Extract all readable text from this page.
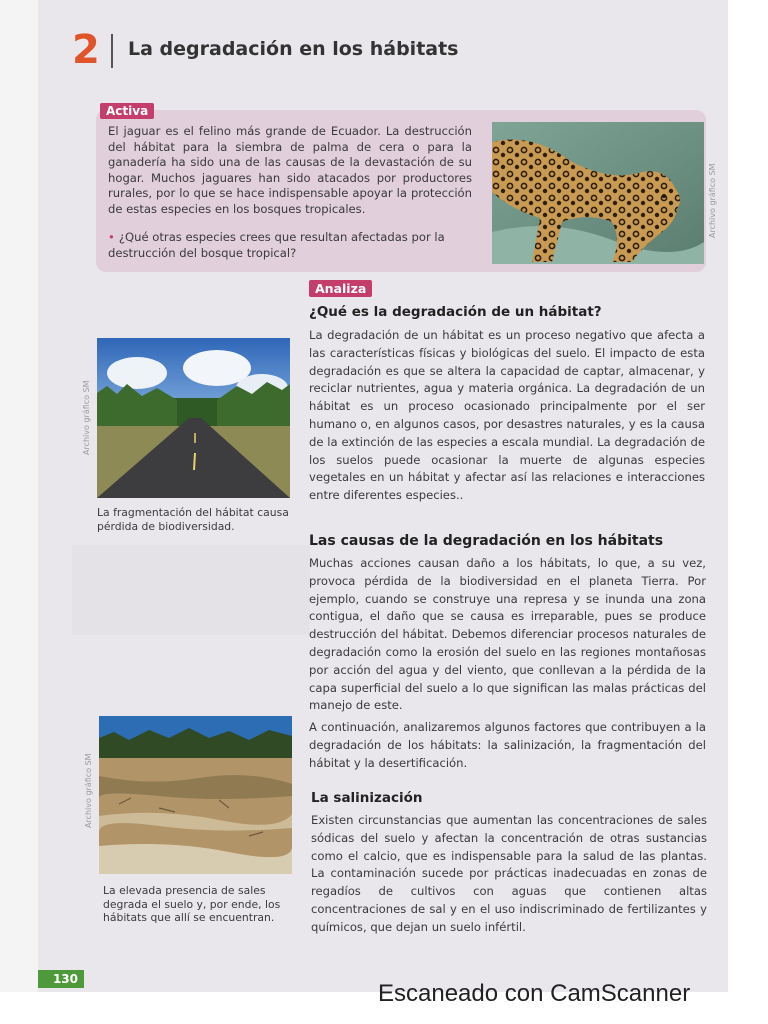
2 La degradación en los hábitats
Activa
El jaguar es el felino más grande de Ecuador. La destrucción del hábitat para la siembra de palma de cera o para la ganadería ha sido una de las causas de la devastación de su hogar. Muchos jaguares han sido atacados por productores rurales, por lo que se hace indispensable apoyar la protección de estas especies en los bosques tropicales.
• ¿Qué otras especies crees que resultan afectadas por la destrucción del bosque tropical?
Archivo gráfico SM
Analiza
¿Qué es la degradación de un hábitat?
La degradación de un hábitat es un proceso negativo que afecta a las características físicas y biológicas del suelo. El impacto de esta degradación es que se altera la capacidad de captar, almacenar, y reciclar nutrientes, agua y materia orgánica. La degradación de un hábitat es un proceso ocasionado principalmente por el ser humano o, en algunos casos, por desastres naturales, y es la causa de la extinción de las especies a escala mundial. La degradación de los suelos puede ocasionar la muerte de algunas especies vegetales en un hábitat y afectar así las relaciones e interacciones entre diferentes especies..
Archivo gráfico SM
La fragmentación del hábitat causa pérdida de biodiversidad.
Las causas de la degradación en los hábitats
Muchas acciones causan daño a los hábitats, lo que, a su vez, provoca pérdida de la biodiversidad en el planeta Tierra. Por ejemplo, cuando se construye una represa y se inunda una zona contigua, el daño que se causa es irreparable, pues se produce destrucción del hábitat. Debemos diferenciar procesos naturales de degradación como la erosión del suelo en las regiones montañosas por acción del agua y del viento, que conllevan a la pérdida de la capa superficial del suelo a lo que significan las malas prácticas del manejo de este.
A continuación, analizaremos algunos factores que contribuyen a la degradación de los hábitats: la salinización, la fragmentación del hábitat y la desertificación.
Archivo gráfico SM
La elevada presencia de sales degrada el suelo y, por ende, los hábitats que allí se encuentran.
La salinización
Existen circunstancias que aumentan las concentraciones de sales sódicas del suelo y afectan la concentración de otras sustancias como el calcio, que es indispensable para la salud de las plantas. La contaminación sucede por prácticas inadecuadas en zonas de regadíos de cultivos con aguas que contienen altas concentraciones de sal y en el uso indiscriminado de fertilizantes y químicos, que dejan un suelo infértil.
130
Escaneado con CamScanner
